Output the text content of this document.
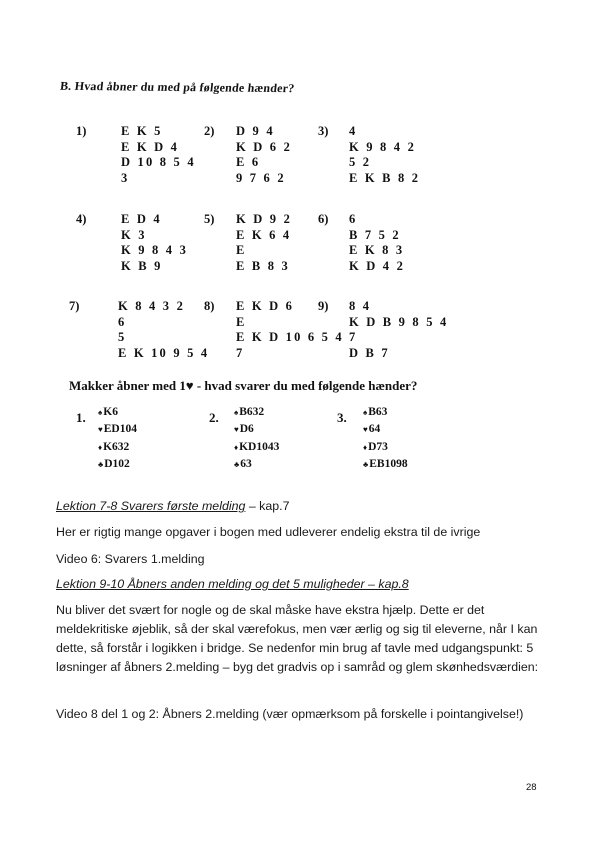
B. Hvad åbner du med på følgende hænder?
1)	E K 5
E K D 4
D 10 8 5 4
3
2) D 9 4
K D 6 2
E 6
9 7 6 2
3) 4
K 9 8 4 2
5 2
E K B 8 2
4)	E D 4
K 3
K 9 8 4 3
K B 9
5) K D 9 2
E K 6 4
E
E B 8 3
6) 6
B 7 5 2
E K 8 3
K D 4 2
7)	K 8 4 3 2
6
5
E K 10 9 5 4
8) E K D 6
E
E K D 10 6 5 4
7
9) 8 4
K D B 9 8 5 4
7
D B 7
Makker åbner med 1♥ - hvad svarer du med følgende hænder?
1. ♠K6
♥ED104
♦K632
♣D102
2. ♠B632
♥D6
♦KD1043
♣63
3. ♠B63
♥64
♦D73
♣EB1098
Lektion 7-8 Svarers første melding – kap.7
Her er rigtig mange opgaver i bogen med udleverer endelig ekstra til de ivrige
Video 6: Svarers 1.melding
Lektion 9-10 Åbners anden melding og det 5 muligheder – kap.8
Nu bliver det svært for nogle og de skal måske have ekstra hjælp. Dette er det meldekritiske øjeblik, så der skal værefokus, men vær ærlig og sig til eleverne, når I kan dette, så forstår i logikken i bridge. Se nedenfor min brug af tavle med udgangspunkt: 5 løsninger af åbners 2.melding – byg det gradvis op i samråd og glem skønhedsværdien:
Video 8 del 1 og 2: Åbners 2.melding (vær opmærksom på forskelle i pointangivelse!)
28
